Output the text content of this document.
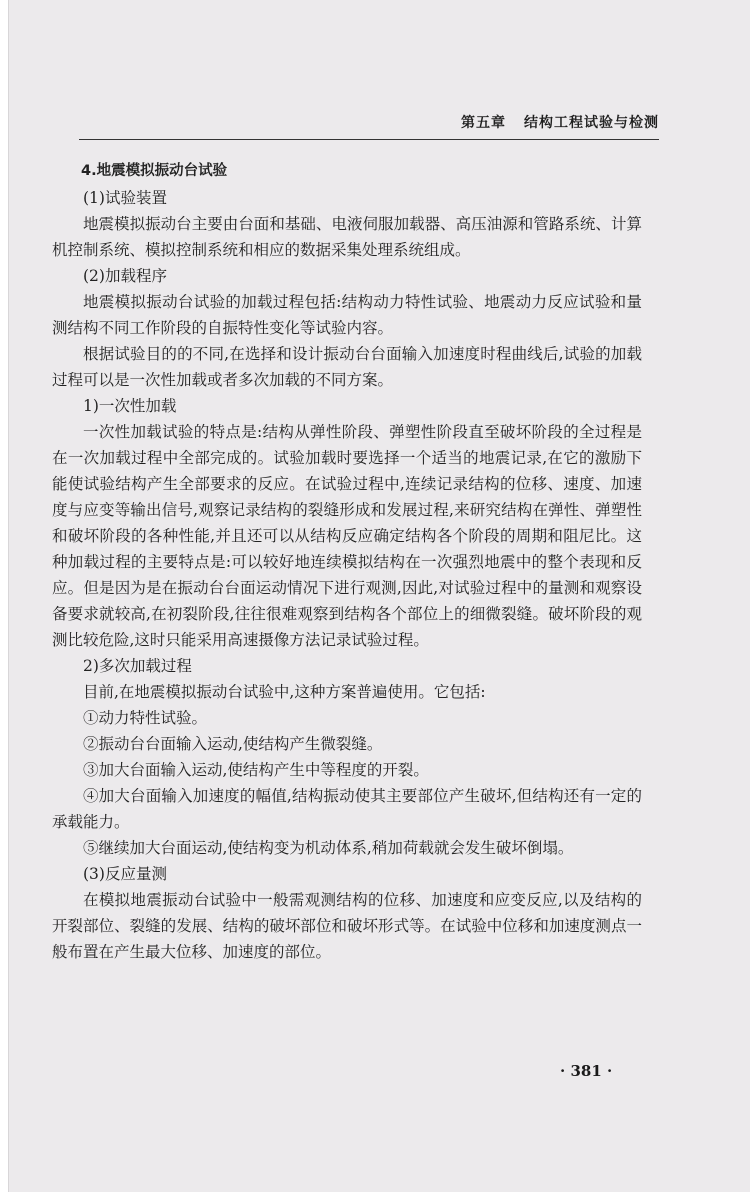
第五章 结构工程试验与检测

4.地震模拟振动台试验

(1)试验装置

地震模拟振动台主要由台面和基础、电液伺服加载器、高压油源和管路系统、计算机控制系统、模拟控制系统和相应的数据采集处理系统组成。

(2)加载程序

地震模拟振动台试验的加载过程包括:结构动力特性试验、地震动力反应试验和量测结构不同工作阶段的自振特性变化等试验内容。

根据试验目的的不同,在选择和设计振动台台面输入加速度时程曲线后,试验的加载过程可以是一次性加载或者多次加载的不同方案。

1)一次性加载

一次性加载试验的特点是:结构从弹性阶段、弹塑性阶段直至破坏阶段的全过程是在一次加载过程中全部完成的。试验加载时要选择一个适当的地震记录,在它的激励下能使试验结构产生全部要求的反应。在试验过程中,连续记录结构的位移、速度、加速度与应变等输出信号,观察记录结构的裂缝形成和发展过程,来研究结构在弹性、弹塑性和破坏阶段的各种性能,并且还可以从结构反应确定结构各个阶段的周期和阻尼比。这种加载过程的主要特点是:可以较好地连续模拟结构在一次强烈地震中的整个表现和反应。但是因为是在振动台台面运动情况下进行观测,因此,对试验过程中的量测和观察设备要求就较高,在初裂阶段,往往很难观察到结构各个部位上的细微裂缝。破坏阶段的观测比较危险,这时只能采用高速摄像方法记录试验过程。

2)多次加载过程

目前,在地震模拟振动台试验中,这种方案普遍使用。它包括:

①动力特性试验。

②振动台台面输入运动,使结构产生微裂缝。

③加大台面输入运动,使结构产生中等程度的开裂。

④加大台面输入加速度的幅值,结构振动使其主要部位产生破坏,但结构还有一定的承载能力。

⑤继续加大台面运动,使结构变为机动体系,稍加荷载就会发生破坏倒塌。

(3)反应量测

在模拟地震振动台试验中一般需观测结构的位移、加速度和应变反应,以及结构的开裂部位、裂缝的发展、结构的破坏部位和破坏形式等。在试验中位移和加速度测点一般布置在产生最大位移、加速度的部位。

· 381 ·
